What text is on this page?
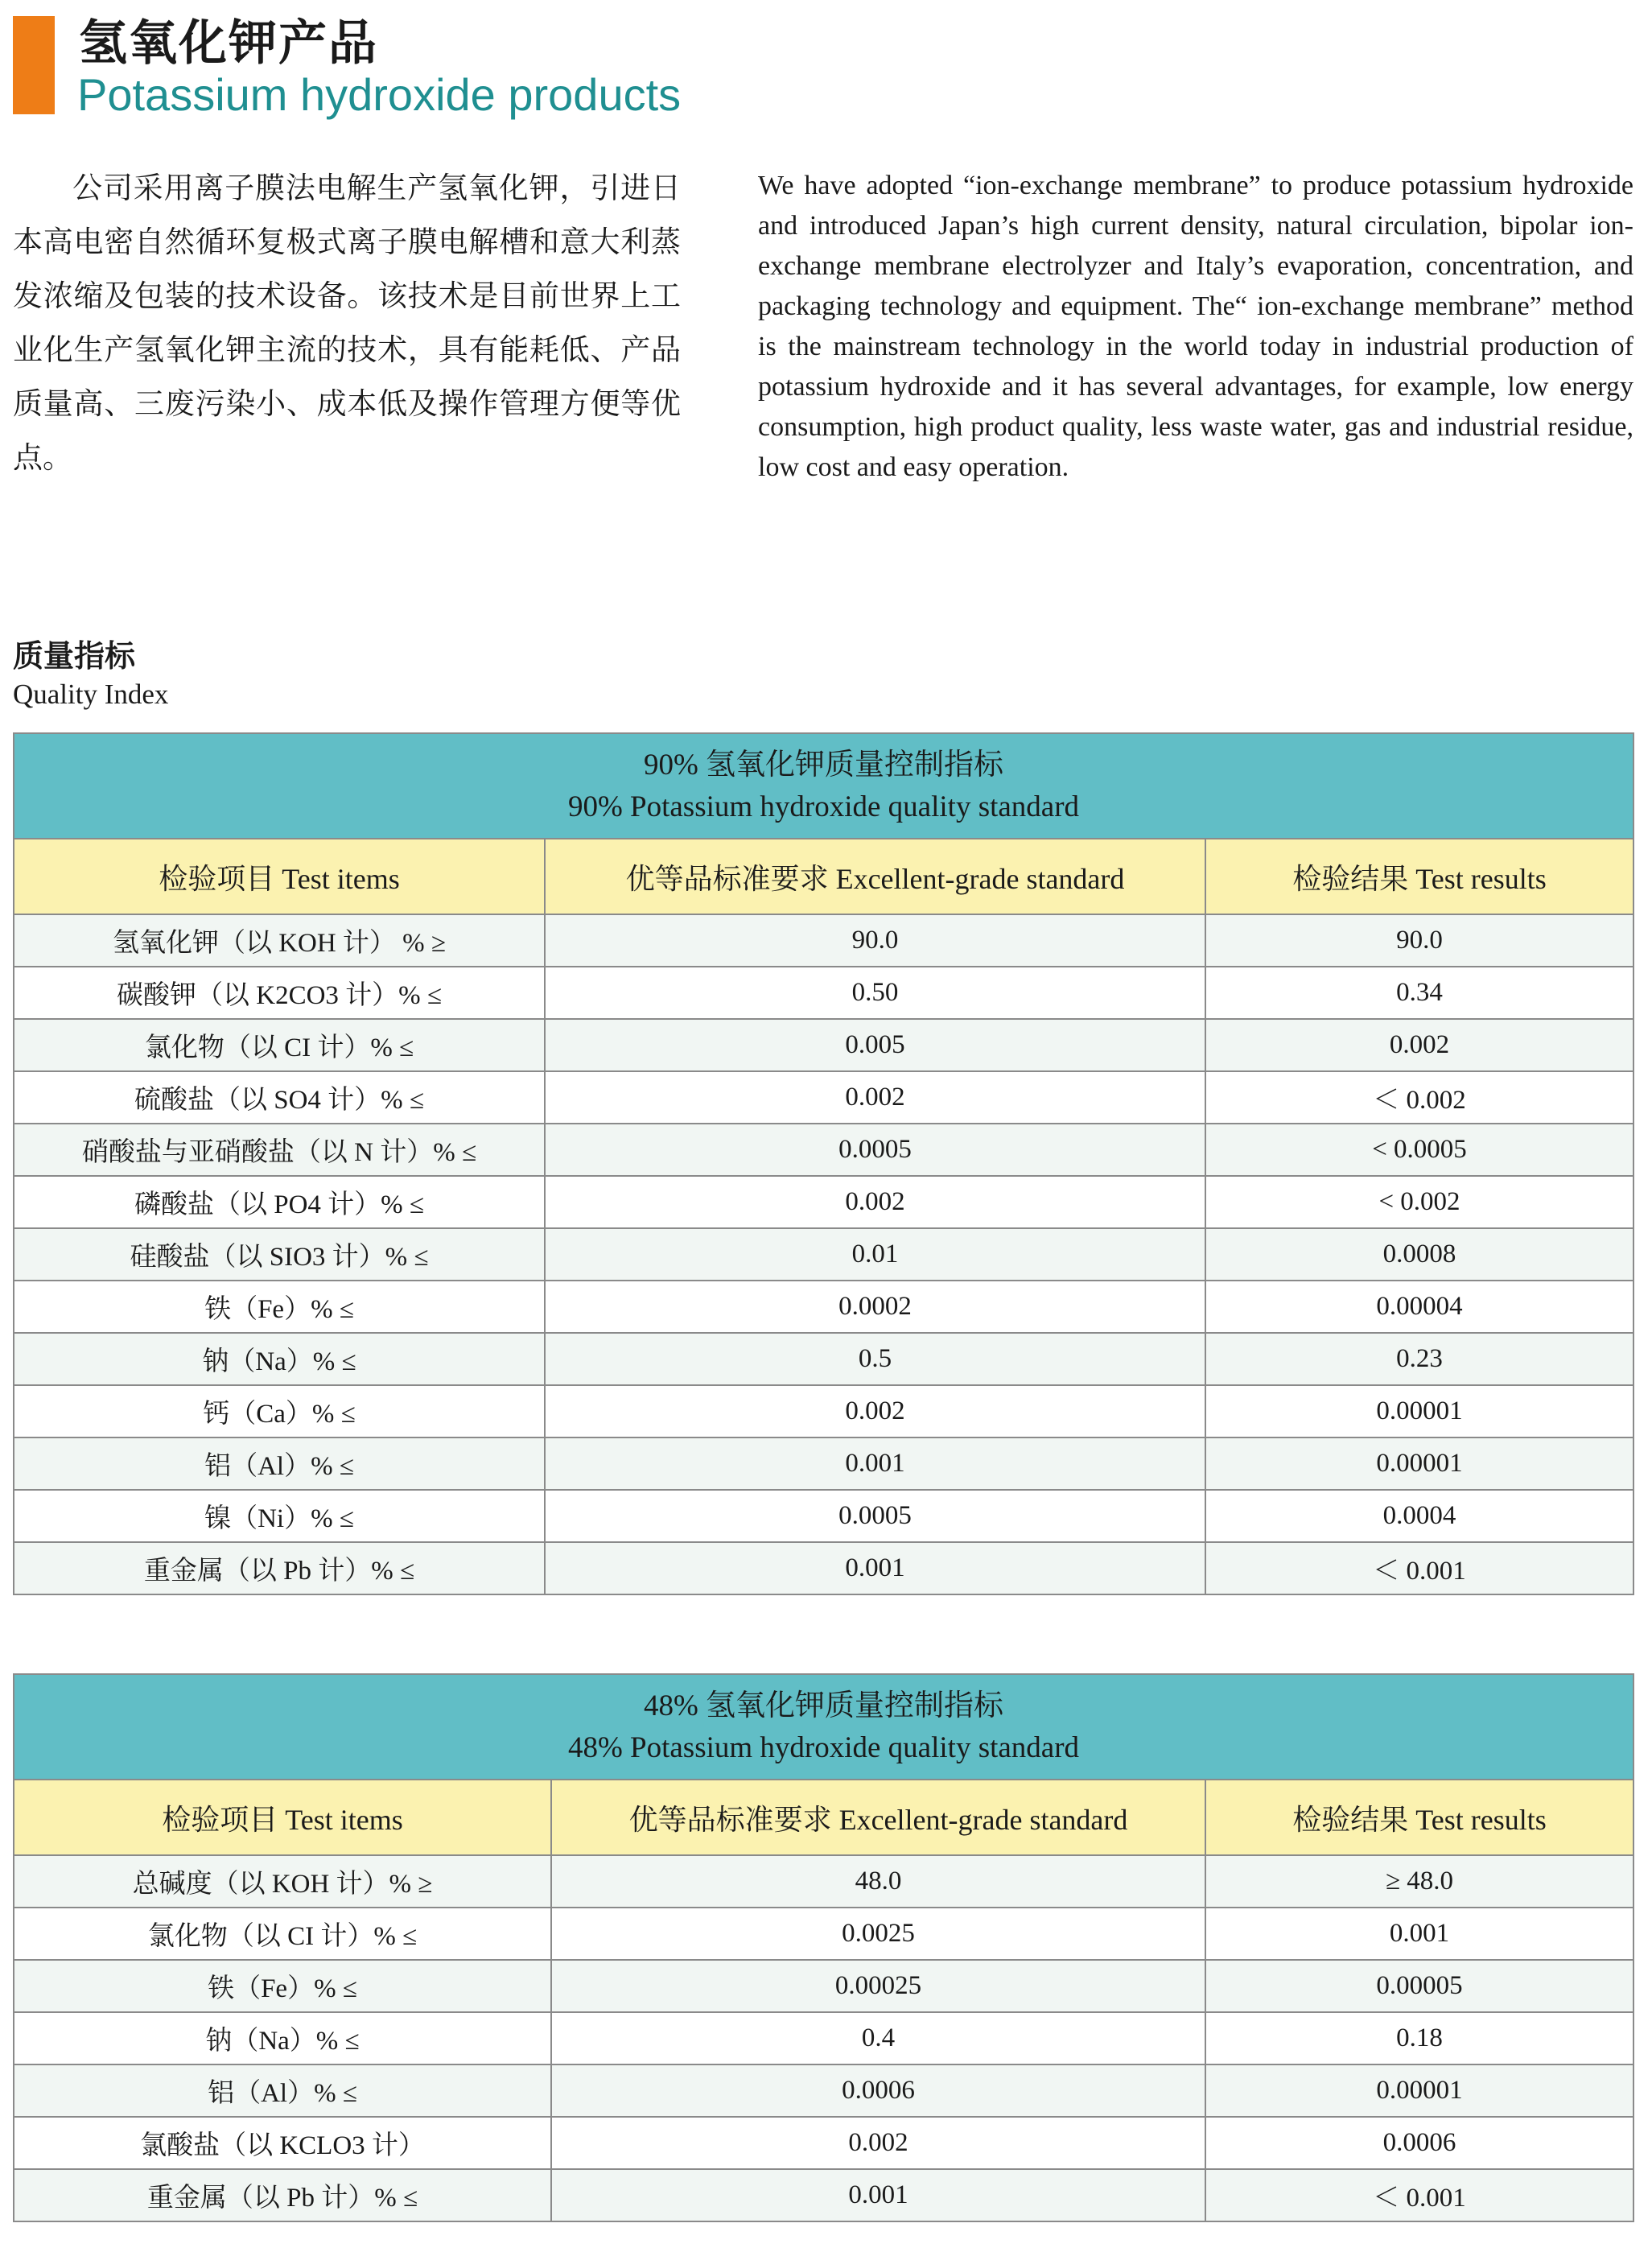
氢氧化钾产品
Potassium hydroxide products

公司采用离子膜法电解生产氢氧化钾，引进日本高电密自然循环复极式离子膜电解槽和意大利蒸发浓缩及包装的技术设备。该技术是目前世界上工业化生产氢氧化钾主流的技术，具有能耗低、产品质量高、三废污染小、成本低及操作管理方便等优点。

We have adopted “ion-exchange membrane” to produce potassium hydroxide and introduced Japan’s high current density, natural circulation, bipolar ion-exchange membrane electrolyzer and Italy’s evaporation, concentration, and packaging technology and equipment. The“ ion-exchange membrane” method is the mainstream technology in the world today in industrial production of potassium hydroxide and it has several advantages, for example, low energy consumption, high product quality, less waste water, gas and industrial residue, low cost and easy operation.

质量指标
Quality Index
90% 氢氧化钾质量控制指标
90% Potassium hydroxide quality standard		

检验项目 Test items	优等品标准要求 Excellent-grade standard	检验结果 Test results
氢氧化钾（以 KOH 计） % ≥	90.0	90.0
碳酸钾（以 K2CO3 计）% ≤	0.50	0.34
氯化物（以 CI 计）% ≤	0.005	0.002
硫酸盐（以 SO4 计）% ≤	0.002	＜ 0.002
硝酸盐与亚硝酸盐（以 N 计）% ≤	0.0005	< 0.0005
磷酸盐（以 PO4 计）% ≤	0.002	< 0.002
硅酸盐（以 SIO3 计）% ≤	0.01	0.0008
铁（Fe）% ≤	0.0002	0.00004
钠（Na）% ≤	0.5	0.23
钙（Ca）% ≤	0.002	0.00001
铝（Al）% ≤	0.001	0.00001
镍（Ni）% ≤	0.0005	0.0004
重金属（以 Pb 计）% ≤	0.001	＜ 0.001
48% 氢氧化钾质量控制指标
48% Potassium hydroxide quality standard		

检验项目 Test items	优等品标准要求 Excellent-grade standard	检验结果 Test results
总碱度（以 KOH 计）% ≥	48.0	≥ 48.0
氯化物（以 CI 计）% ≤	0.0025	0.001
铁（Fe）% ≤	0.00025	0.00005
钠（Na）% ≤	0.4	0.18
铝（Al）% ≤	0.0006	0.00001
氯酸盐（以 KCLO3 计）	0.002	0.0006
重金属（以 Pb 计）% ≤	0.001	＜ 0.001
